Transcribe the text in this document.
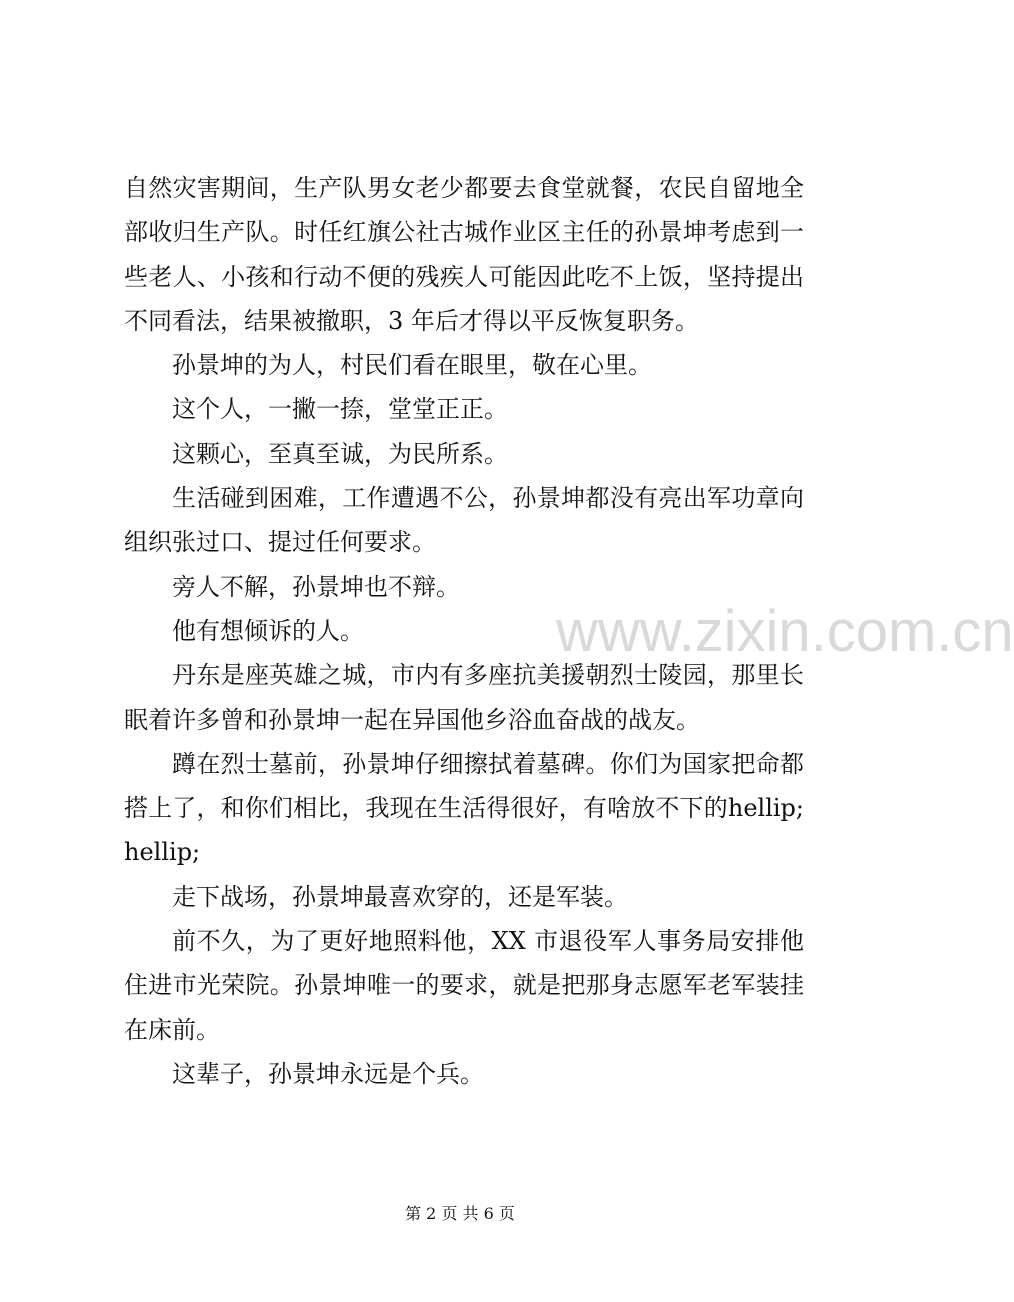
自然灾害期间，生产队男女老少都要去食堂就餐，农民自留地全部收归生产队。时任红旗公社古城作业区主任的孙景坤考虑到一些老人、小孩和行动不便的残疾人可能因此吃不上饭，坚持提出不同看法，结果被撤职，3 年后才得以平反恢复职务。

孙景坤的为人，村民们看在眼里，敬在心里。

这个人，一撇一捺，堂堂正正。

这颗心，至真至诚，为民所系。

生活碰到困难，工作遭遇不公，孙景坤都没有亮出军功章向组织张过口、提过任何要求。

旁人不解，孙景坤也不辩。

他有想倾诉的人。

丹东是座英雄之城，市内有多座抗美援朝烈士陵园，那里长眠着许多曾和孙景坤一起在异国他乡浴血奋战的战友。

蹲在烈士墓前，孙景坤仔细擦拭着墓碑。你们为国家把命都搭上了，和你们相比，我现在生活得很好，有啥放不下的hellip;hellip;

走下战场，孙景坤最喜欢穿的，还是军装。

前不久，为了更好地照料他，XX 市退役军人事务局安排他住进市光荣院。孙景坤唯一的要求，就是把那身志愿军老军装挂在床前。

这辈子，孙景坤永远是个兵。

www.zixin.com.cn
第 2 页 共 6 页
